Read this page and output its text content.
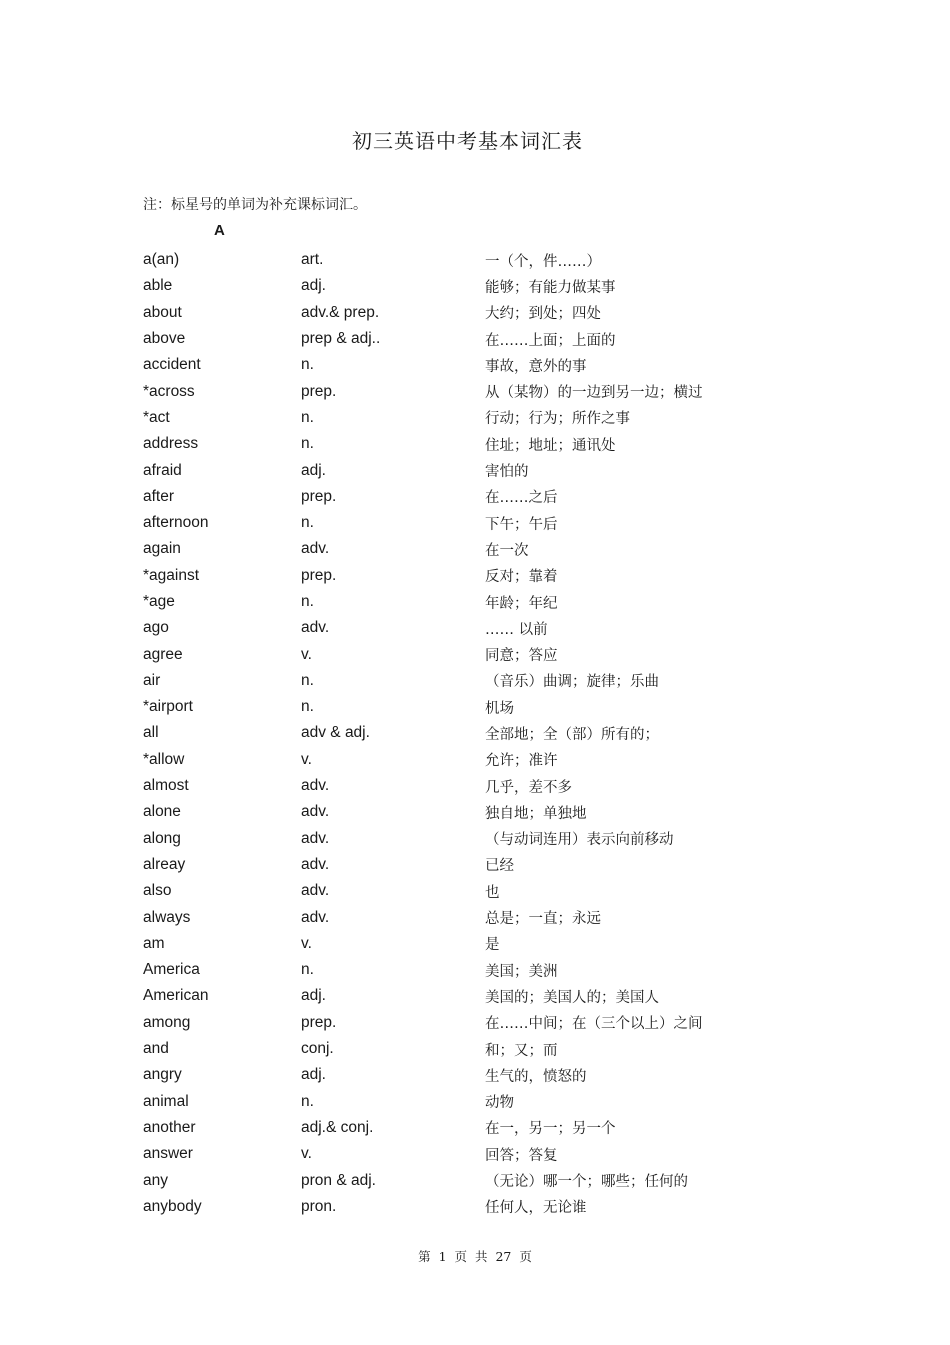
初三英语中考基本词汇表
注：标星号的单词为补充课标词汇。
A
a(an)	art.	一（个，件……）
able	adj.	能够；有能力做某事
about	adv.& prep.	大约；到处；四处
above	prep & adj..	在……上面；上面的
accident	n.	事故，意外的事
*across	prep.	从（某物）的一边到另一边；横过
*act	n.	行动；行为；所作之事
address	n.	住址；地址；通讯处
afraid	adj.	害怕的
after	prep.	在……之后
afternoon	n.	下午；午后
again	adv.	在一次
*against	prep.	反对；靠着
*age	n.	年龄；年纪
ago	adv.	…… 以前
agree	v.	同意；答应
air	n.	（音乐）曲调；旋律；乐曲
*airport	n.	机场
all	adv & adj.	全部地；全（部）所有的；
*allow	v.	允许；准许
almost	adv.	几乎，差不多
alone	adv.	独自地；单独地
along	adv.	（与动词连用）表示向前移动
alreay	adv.	已经
also	adv.	也
always	adv.	总是；一直；永远
am	v.	是
America	n.	美国；美洲
American	adj.	美国的；美国人的；美国人
among	prep.	在……中间；在（三个以上）之间
and	conj.	和；又；而
angry	adj.	生气的，愤怒的
animal	n.	动物
another	adj.& conj.	在一，另一；另一个
answer	v.	回答；答复
any	pron & adj.	（无论）哪一个；哪些；任何的
anybody	pron.	任何人，无论谁
第 1 页 共 27 页
